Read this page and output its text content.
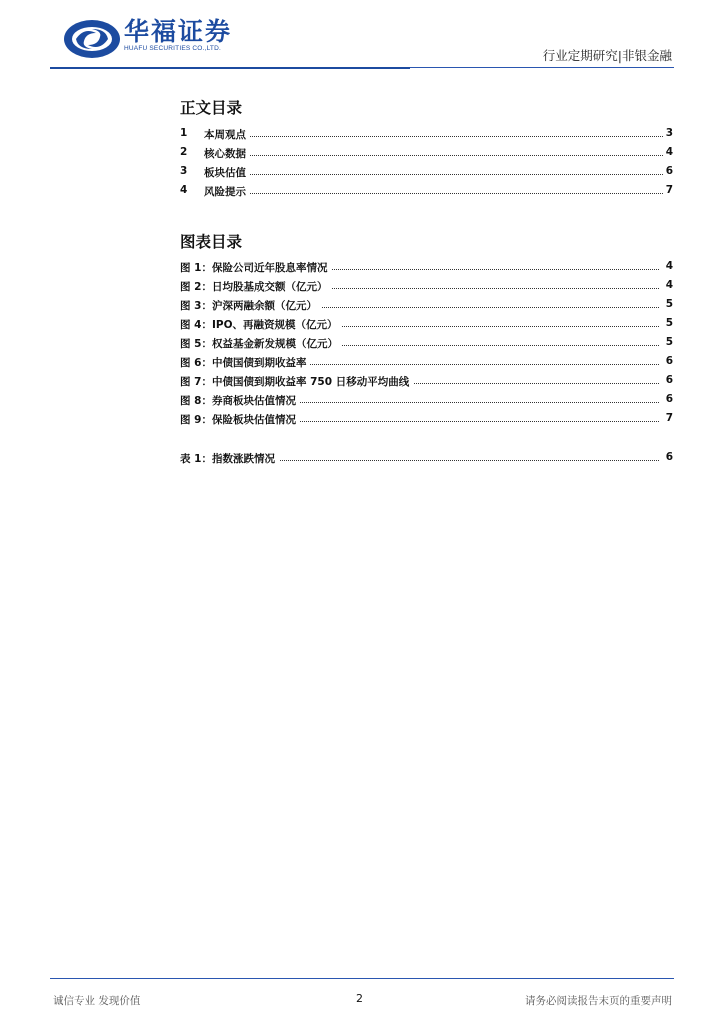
华福证券
HUAFU SECURITIES CO.,LTD.	行业定期研究|非银金融
正文目录
1 本周观点	3
2 核心数据	4
3 板块估值	6
4 风险提示	7
图表目录
图 1：保险公司近年股息率情况	4
图 2：日均股基成交额（亿元）	4
图 3：沪深两融余额（亿元）	5
图 4：IPO、再融资规模（亿元）	5
图 5：权益基金新发规模（亿元）	5
图 6：中债国债到期收益率	6
图 7：中债国债到期收益率 750 日移动平均曲线	6
图 8：券商板块估值情况	6
图 9：保险板块估值情况	7
表 1：指数涨跌情况	6
诚信专业 发现价值	2	请务必阅读报告末页的重要声明
